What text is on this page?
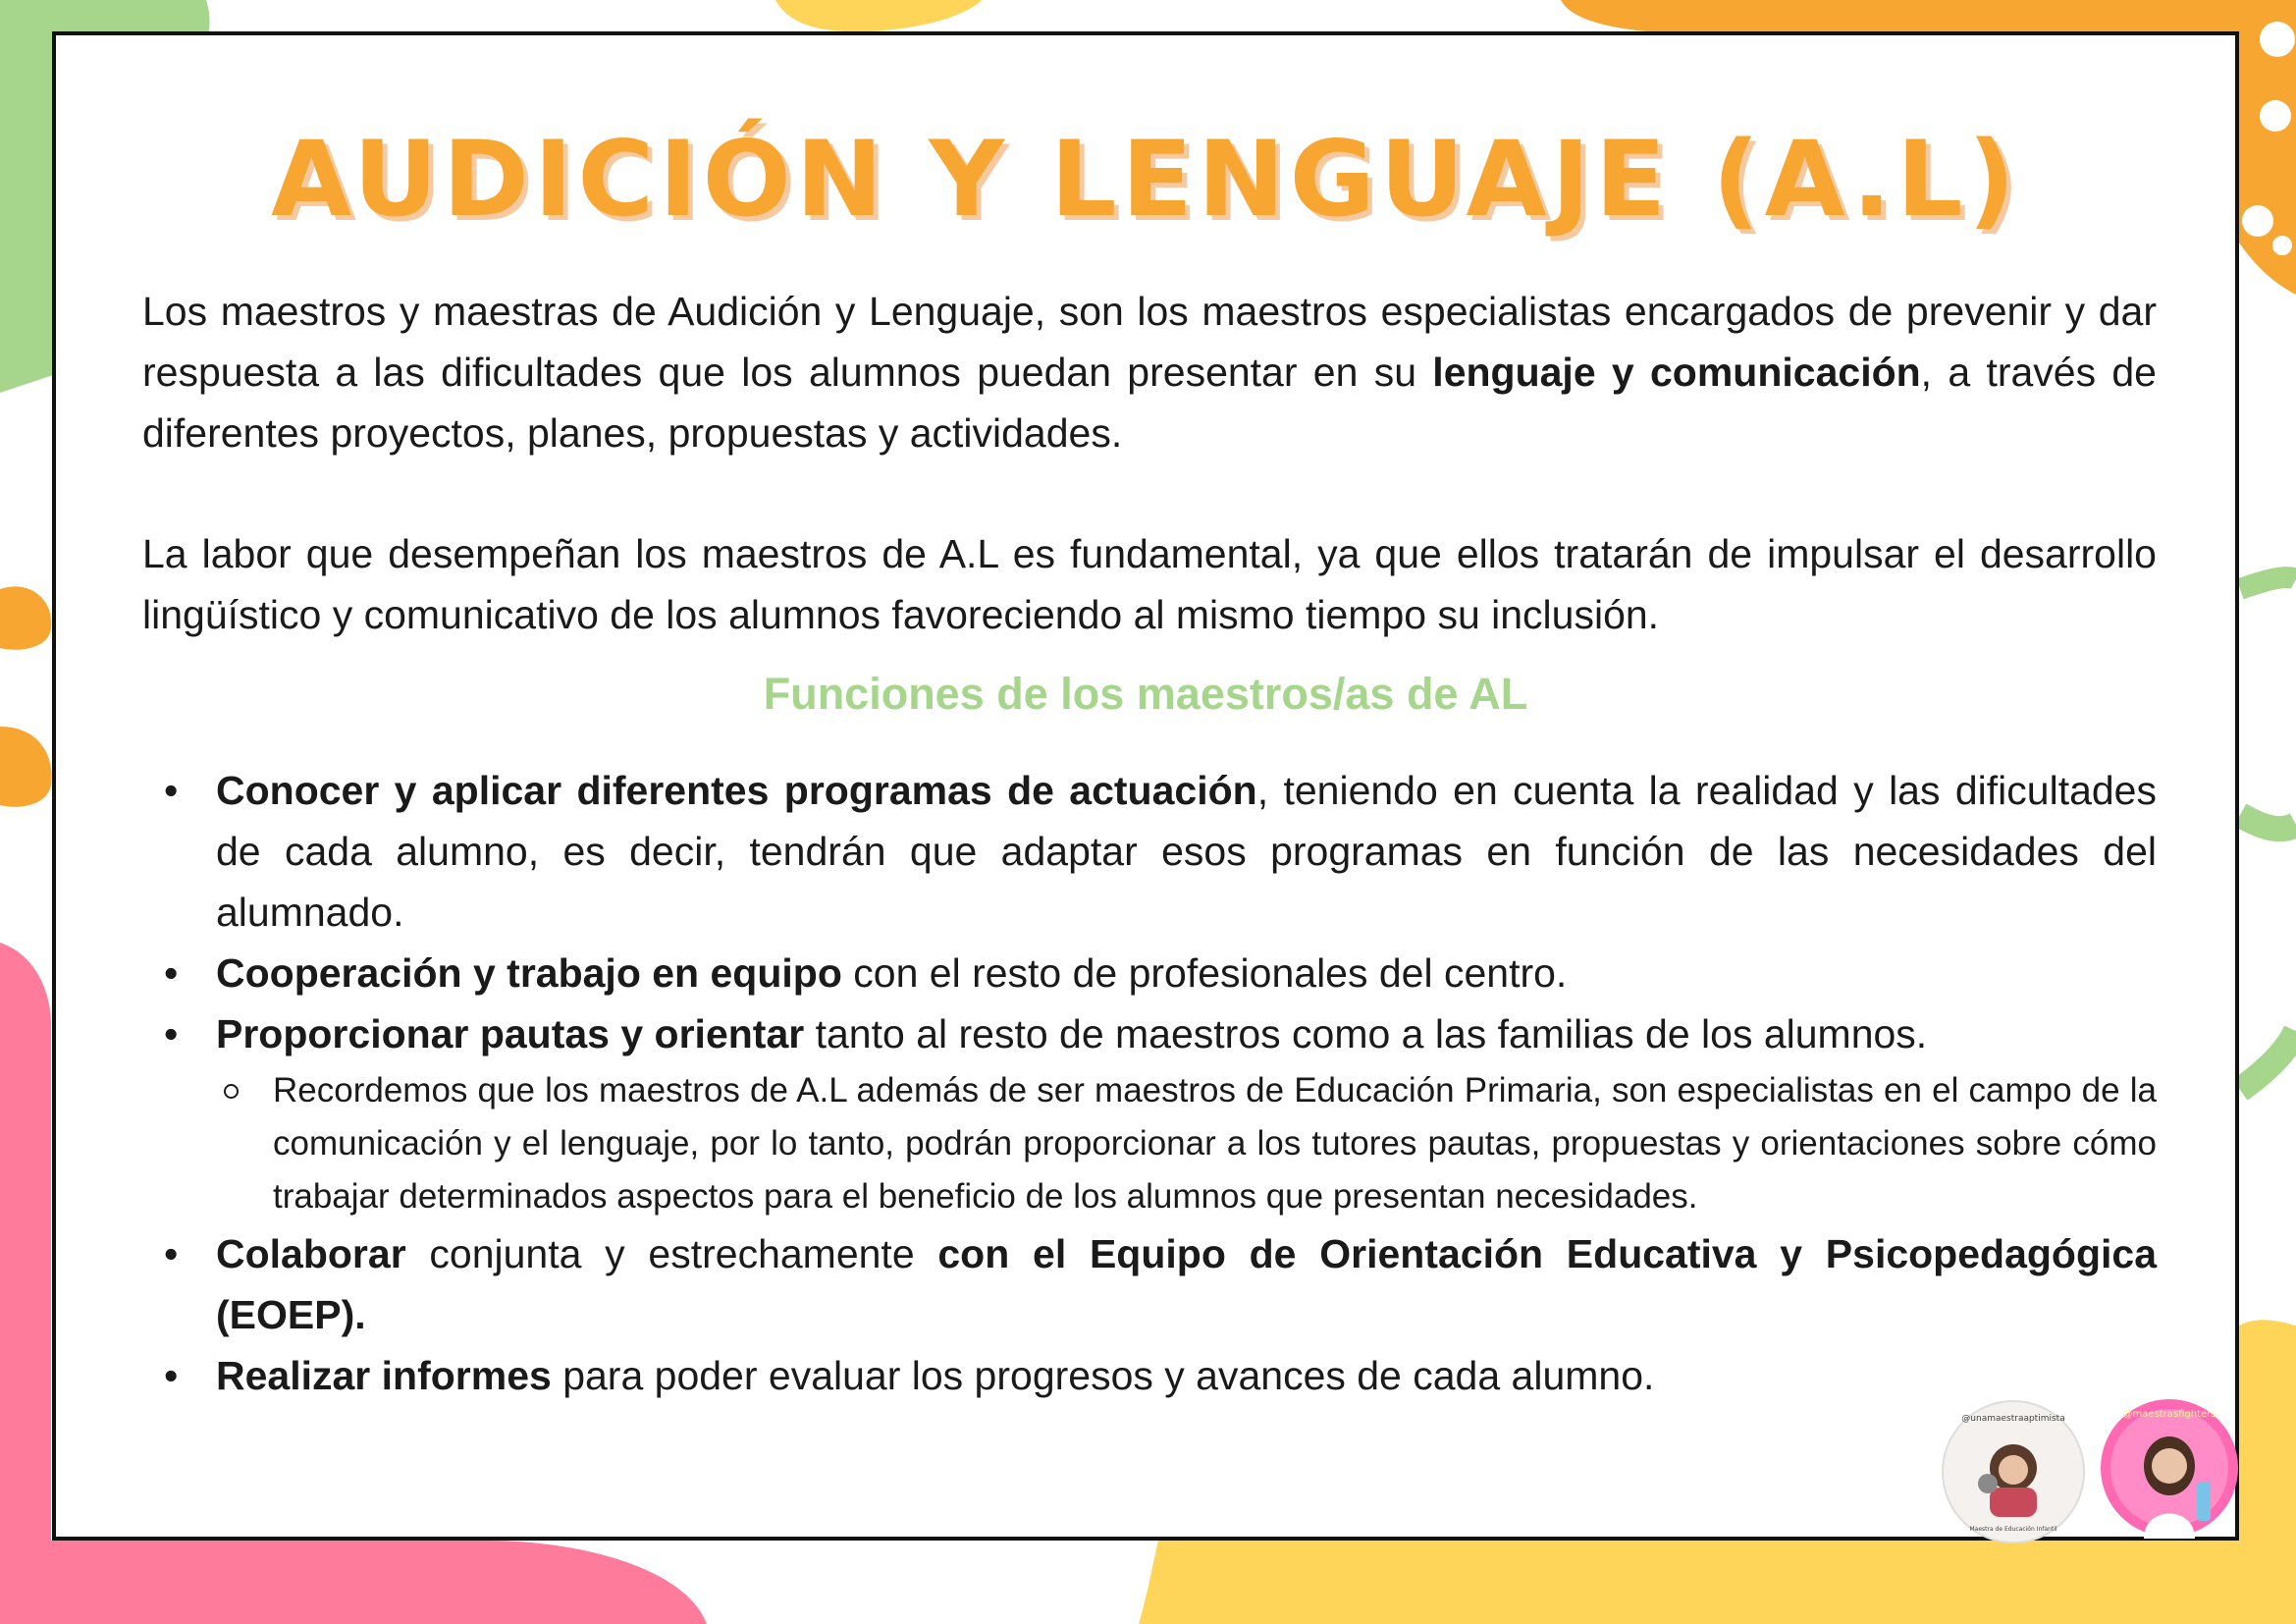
AUDICIÓN Y LENGUAJE (A.L)

Los maestros y maestras de Audición y Lenguaje, son los maestros especialistas encargados de prevenir y dar respuesta a las dificultades que los alumnos puedan presentar en su lenguaje y comunicación, a través de diferentes proyectos, planes, propuestas y actividades.

La labor que desempeñan los maestros de A.L es fundamental, ya que ellos tratarán de impulsar el desarrollo lingüístico y comunicativo de los alumnos favoreciendo al mismo tiempo su inclusión.

Funciones de los maestros/as de AL
• Conocer y aplicar diferentes programas de actuación, teniendo en cuenta la realidad y las dificultades de cada alumno, es decir, tendrán que adaptar esos programas en función de las necesidades del alumnado.
• Cooperación y trabajo en equipo con el resto de profesionales del centro.
• Proporcionar pautas y orientar tanto al resto de maestros como a las familias de los alumnos.
Recordemos que los maestros de A.L además de ser maestros de Educación Primaria, son especialistas en el campo de la comunicación y el lenguaje, por lo tanto, podrán proporcionar a los tutores pautas, propuestas y orientaciones sobre cómo trabajar determinados aspectos para el beneficio de los alumnos que presentan necesidades.
• Colaborar conjunta y estrechamente con el Equipo de Orientación Educativa y Psicopedagógica (EOEP).
• Realizar informes para poder evaluar los progresos y avances de cada alumno.
@unamaestraaptimista
Maestra de Educación Infantil
@maestrasfighters
